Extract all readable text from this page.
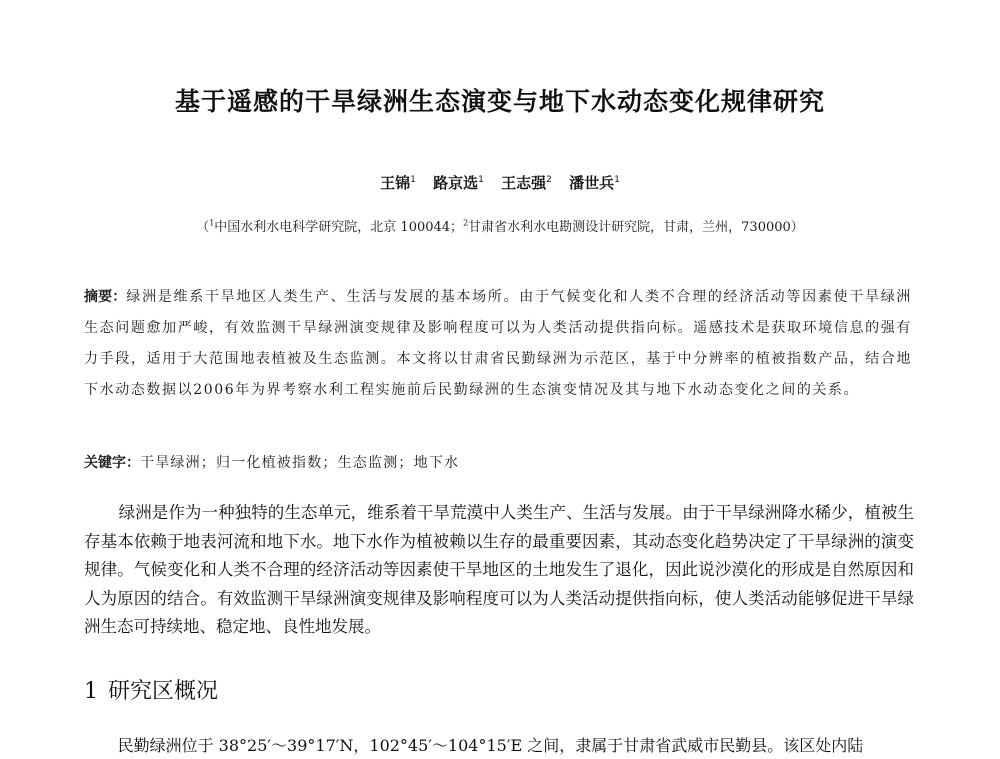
基于遥感的干旱绿洲生态演变与地下水动态变化规律研究
王锦$^1$ 路京选$^1$ 王志强$^2$ 潘世兵$^1$
（$^1$中国水利水电科学研究院，北京 100044；$^2$甘肃省水利水电勘测设计研究院，甘肃，兰州，730000）
摘要：绿洲是维系干旱地区人类生产、生活与发展的基本场所。由于气候变化和人类不合理的经济活动等因素使干旱绿洲生态问题愈加严峻，有效监测干旱绿洲演变规律及影响程度可以为人类活动提供指向标。遥感技术是获取环境信息的强有力手段，适用于大范围地表植被及生态监测。本文将以甘肃省民勤绿洲为示范区，基于中分辨率的植被指数产品，结合地下水动态数据以2006年为界考察水利工程实施前后民勤绿洲的生态演变情况及其与地下水动态变化之间的关系。
关键字：干旱绿洲；归一化植被指数；生态监测；地下水
绿洲是作为一种独特的生态单元，维系着干旱荒漠中人类生产、生活与发展。由于干旱绿洲降水稀少，植被生存基本依赖于地表河流和地下水。地下水作为植被赖以生存的最重要因素，其动态变化趋势决定了干旱绿洲的演变规律。气候变化和人类不合理的经济活动等因素使干旱地区的土地发生了退化，因此说沙漠化的形成是自然原因和人为原因的结合。有效监测干旱绿洲演变规律及影响程度可以为人类活动提供指向标，使人类活动能够促进干旱绿洲生态可持续地、稳定地、良性地发展。
1 研究区概况
民勤绿洲位于 38°25′～39°17′N，102°45′～104°15′E 之间，隶属于甘肃省武威市民勤县。该区处内陆
